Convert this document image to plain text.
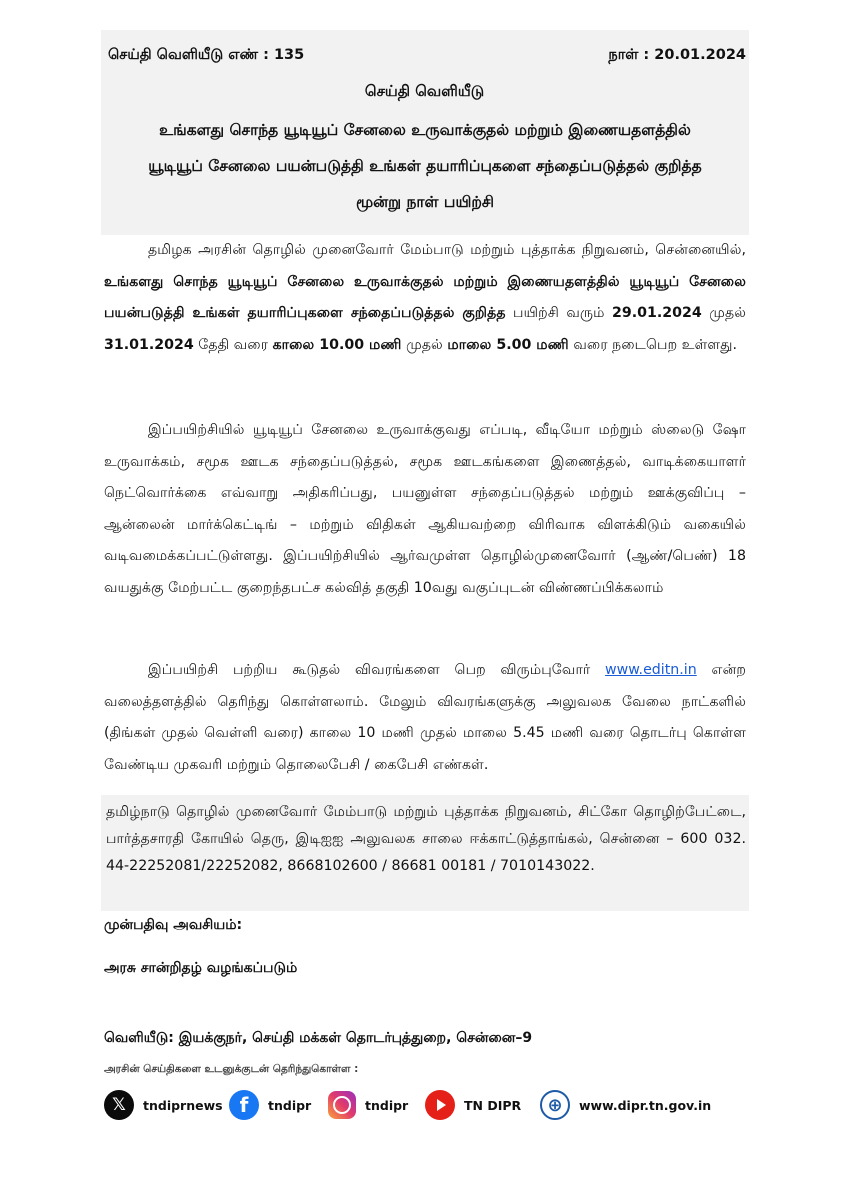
செய்தி வெளியீடு எண் : 135	நாள் : 20.01.2024
செய்தி வெளியீடு
உங்களது சொந்த யூடியூப் சேனலை உருவாக்குதல் மற்றும் இணையதளத்தில்
யூடியூப் சேனலை பயன்படுத்தி உங்கள் தயாரிப்புகளை சந்தைப்படுத்தல் குறித்த
மூன்று நாள் பயிற்சி
தமிழக அரசின் தொழில் முனைவோர் மேம்பாடு மற்றும் புத்தாக்க நிறுவனம், சென்னையில், உங்களது சொந்த யூடியூப் சேனலை உருவாக்குதல் மற்றும் இணையதளத்தில் யூடியூப் சேனலை பயன்படுத்தி உங்கள் தயாரிப்புகளை சந்தைப்படுத்தல் குறித்த பயிற்சி வரும் 29.01.2024 முதல் 31.01.2024 தேதி வரை காலை 10.00 மணி முதல் மாலை 5.00 மணி வரை நடைபெற உள்ளது.
இப்பயிற்சியில் யூடியூப் சேனலை உருவாக்குவது எப்படி, வீடியோ மற்றும் ஸ்லைடு ஷோ உருவாக்கம், சமூக ஊடக சந்தைப்படுத்தல், சமூக ஊடகங்களை இணைத்தல், வாடிக்கையாளர் நெட்வொர்க்கை எவ்வாறு அதிகரிப்பது, பயனுள்ள சந்தைப்படுத்தல் மற்றும் ஊக்குவிப்பு – ஆன்லைன் மார்க்கெட்டிங் – மற்றும் விதிகள் ஆகியவற்றை விரிவாக விளக்கிடும் வகையில் வடிவமைக்கப்பட்டுள்ளது. இப்பயிற்சியில் ஆர்வமுள்ள தொழில்முனைவோர் (ஆண்/பெண்) 18 வயதுக்கு மேற்பட்ட குறைந்தபட்ச கல்வித் தகுதி 10வது வகுப்புடன் விண்ணப்பிக்கலாம்
இப்பயிற்சி பற்றிய கூடுதல் விவரங்களை பெற விரும்புவோர் www.editn.in என்ற வலைத்தளத்தில் தெரிந்து கொள்ளலாம். மேலும் விவரங்களுக்கு அலுவலக வேலை நாட்களில் (திங்கள் முதல் வெள்ளி வரை) காலை 10 மணி முதல் மாலை 5.45 மணி வரை தொடர்பு கொள்ள வேண்டிய முகவரி மற்றும் தொலைபேசி / கைபேசி எண்கள்.
தமிழ்நாடு தொழில் முனைவோர் மேம்பாடு மற்றும் புத்தாக்க நிறுவனம், சிட்கோ தொழிற்பேட்டை, பார்த்தசாரதி கோயில் தெரு, இடிஐஐ அலுவலக சாலை ஈக்காட்டுத்தாங்கல், சென்னை – 600 032. 44-22252081/22252082, 8668102600 / 86681 00181 / 7010143022.
முன்பதிவு அவசியம்:
அரசு சான்றிதழ் வழங்கப்படும்
வெளியீடு: இயக்குநர், செய்தி மக்கள் தொடர்புத்துறை, சென்னை–9
அரசின் செய்திகளை உடனுக்குடன் தெரிந்துகொள்ள :
𝕏	tndiprnews f	tndipr	tndipr	TN DIPR	⊕	www.dipr.tn.gov.in
